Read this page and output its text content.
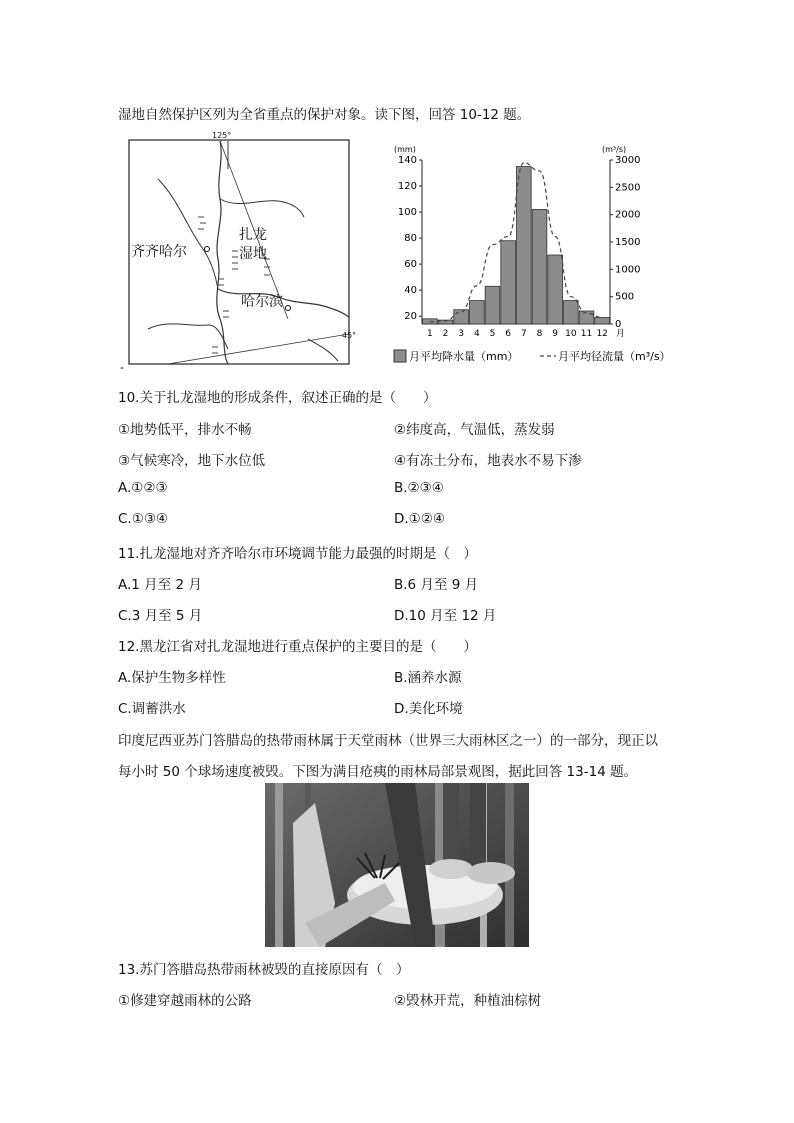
湿地自然保护区列为全省重点的保护对象。读下图，回答 10-12 题。
125°
45°
齐齐哈尔
扎龙
湿地
哈尔滨
(mm)	(m³/s)
20
40
60
80
100
120
140
0
500
1000
1500
2000
2500
3000
1 2 3 4 5 6 7 8 9 10 11 12 月
月平均降水量（mm）	月平均径流量（m³/s）
“
10.关于扎龙湿地的形成条件，叙述正确的是（　　）
①地势低平，排水不畅	②纬度高，气温低，蒸发弱
③气候寒冷，地下水位低	④有冻土分布，地表水不易下渗
A.①②③	B.②③④
C.①③④	D.①②④
11.扎龙湿地对齐齐哈尔市环境调节能力最强的时期是（　）
A.1 月至 2 月	B.6 月至 9 月
C.3 月至 5 月	D.10 月至 12 月
12.黑龙江省对扎龙湿地进行重点保护的主要目的是（　　）
A.保护生物多样性	B.涵养水源
C.调蓄洪水	D.美化环境
印度尼西亚苏门答腊岛的热带雨林属于天堂雨林（世界三大雨林区之一）的一部分，现正以
每小时 50 个球场速度被毁。下图为满目疮痍的雨林局部景观图，据此回答 13-14 题。
13.苏门答腊岛热带雨林被毁的直接原因有（　）
①修建穿越雨林的公路	②毁林开荒，种植油棕树
